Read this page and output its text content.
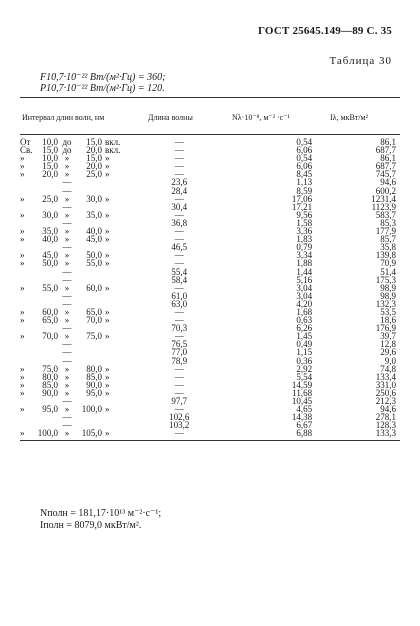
ГОСТ 25645.149—89 С. 35
Таблица 30
F10,7·10⁻²² Вт/(м²·Гц) = 360;
P10,7·10⁻²² Вт/(м²·Гц) = 120.
Интервал длин волн, нм	Длина волны	Nλ·10⁻⁸, м⁻² ·с⁻¹	Iλ, мкВт/м²
От 10,0 до 15,0 вкл.	—	0,54	86,1
Св. 15,0 до 20,0 вкл.	—	6,06	687,7
» 10,0 » 15,0 »	—	0,54	86,1
» 15,0 » 20,0 »	—	6,06	687,7
» 20,0 » 25,0 »	—	8,45	745,7
—	23,6	1,13	94,6
—	28,4	8,59	600,2
» 25,0 » 30,0 »	—	17,06	1231,4
—	30,4	17,21	1123,9
» 30,0 » 35,0 »	—	9,56	583,7
—	36,8	1,58	85,3
» 35,0 » 40,0 »	—	3,36	177,9
» 40,0 » 45,0 »	—	1,83	85,7
—	46,5	0,79	35,8
» 45,0 » 50,0 »	—	3,34	139,8
» 50,0 » 55,0 »	—	1,88	70,9
—	55,4	1,44	51,4
—	58,4	5,16	175,3
» 55,0 » 60,0 »	—	3,04	98,9
—	61,0	3,04	98,9
—	63,0	4,20	132,3
» 60,0 » 65,0 »	—	1,68	53,5
» 65,0 » 70,0 »	—	0,63	18,6
—	70,3	6,26	176,9
» 70,0 » 75,0 »	—	1,45	39,7
—	76,5	0,49	12,8
—	77,0	1,15	29,6
—	78,9	0,36	9,0
» 75,0 » 80,0 »	—	2,92	74,8
» 80,0 » 85,0 »	—	5,54	133,4
» 85,0 » 90,0 »	—	14,59	331,0
» 90,0 » 95,0 »	—	11,68	250,6
—	97,7	10,45	212,3
» 95,0 » 100,0 »	—	4,65	94,6
—	102,6	14,38	278,1
—	103,2	6,67	128,3
» 100,0 » 105,0 »	—	6,88	133,3
Nполн = 181,17·10¹³ м⁻²·с⁻¹;
Iполн = 8079,0 мкВт/м².
